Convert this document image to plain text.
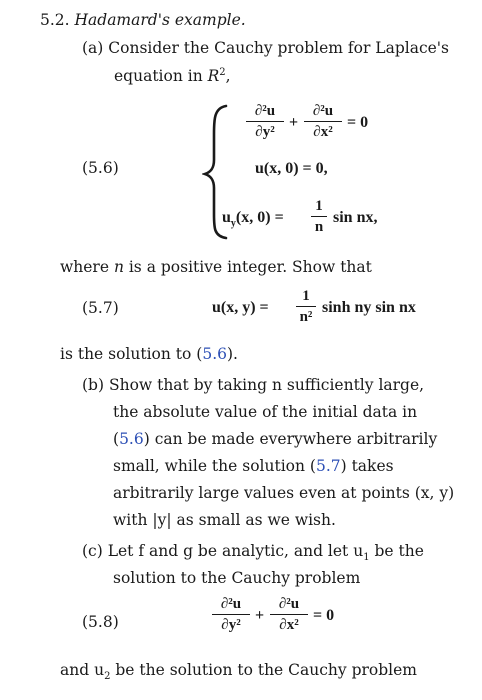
5.2. Hadamard's example.
(a) Consider the Cauchy problem for Laplace's
equation in $R^2$,
(5.6)
∂²u
∂y²
+
∂²u
∂x²
= 0
u(x, 0) = 0,
$u_y(x$, 0) =
1
n
sin nx,
where n is a positive integer. Show that
(5.7)	u(x, y) =
1
n²
sinh ny sin nx
is the solution to (5.6).
(b) Show that by taking n sufficiently large,
the absolute value of the initial data in
(5.6) can be made everywhere arbitrarily
small, while the solution (5.7) takes
arbitrarily large values even at points (x, y)
with |y| as small as we wish.
(c) Let f and g be analytic, and let $u_1$ be the
solution to the Cauchy problem
(5.8)
∂²u
∂y²
+
∂²u
∂x²
= 0
and $u_2$ be the solution to the Cauchy problem
